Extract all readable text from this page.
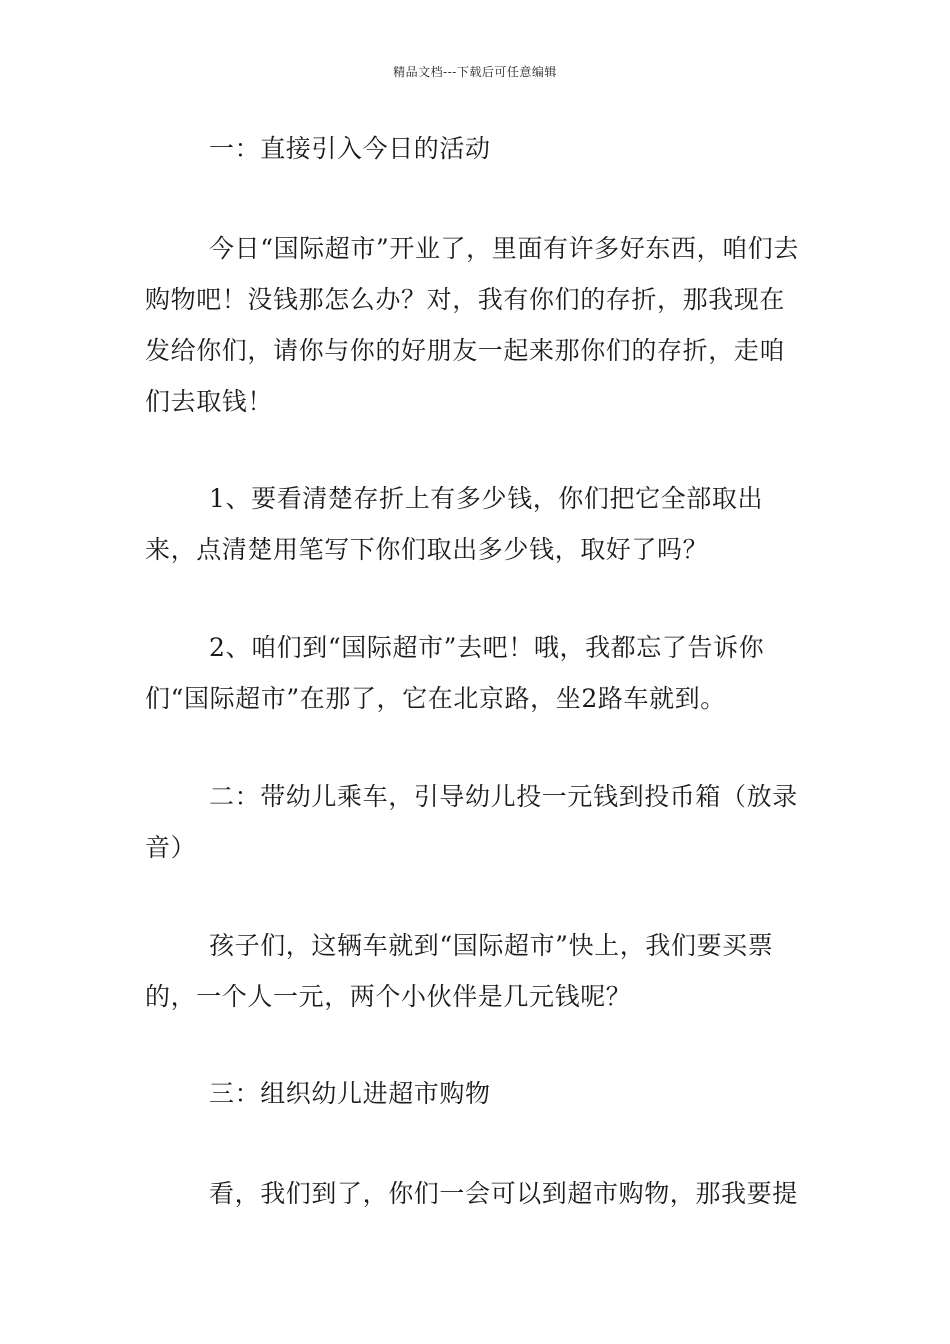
精品文档---下载后可任意编辑

一：直接引入今日的活动

今日“国际超市”开业了，里面有许多好东西，咱们去购物吧！没钱那怎么办？对，我有你们的存折，那我现在发给你们，请你与你的好朋友一起来那你们的存折，走咱们去取钱！

1、要看清楚存折上有多少钱，你们把它全部取出来，点清楚用笔写下你们取出多少钱，取好了吗？

2、咱们到“国际超市”去吧！哦，我都忘了告诉你们“国际超市”在那了，它在北京路，坐2路车就到。

二：带幼儿乘车，引导幼儿投一元钱到投币箱（放录音）

孩子们，这辆车就到“国际超市”快上，我们要买票的，一个人一元，两个小伙伴是几元钱呢？

三：组织幼儿进超市购物

看，我们到了，你们一会可以到超市购物，那我要提
